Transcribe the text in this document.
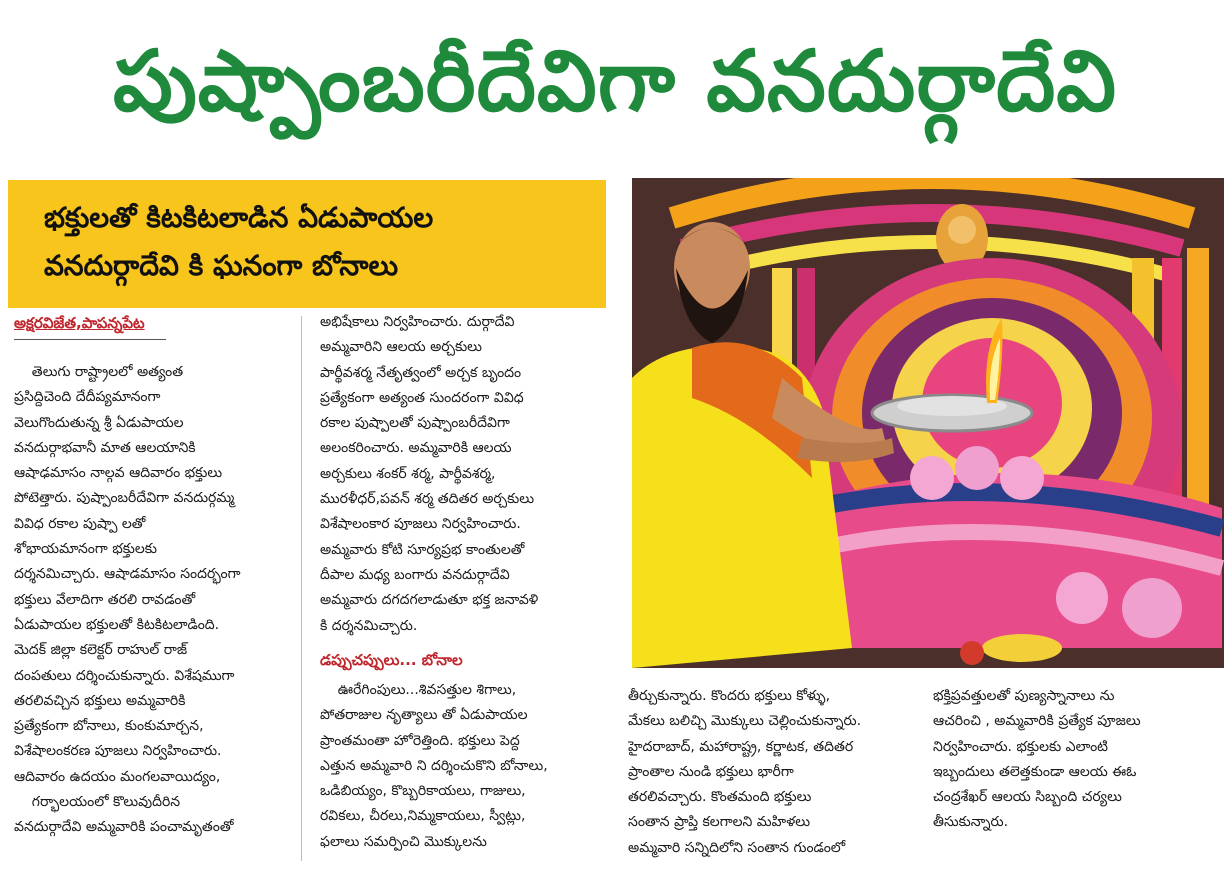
పుష్పాంబరీదేవిగా వనదుర్గాదేవి
భక్తులతో కిటకిటలాడిన ఏడుపాయల
వనదుర్గాదేవి కి ఘనంగా బోనాలు
అక్షరవిజేత,పాపన్నపేట
తెలుగు రాష్ట్రాలలో అత్యంత
ప్రసిద్దిచెంది దేదీప్యమానంగా
వెలుగొందుతున్న శ్రీ ఏడుపాయల
వనదుర్గాభవానీ మాత ఆలయానికి
ఆషాఢమాసం నాల్గవ ఆదివారం భక్తులు
పోటెత్తారు. పుష్పాంబరీదేవిగా వనదుర్గమ్మ
వివిధ రకాల పుష్పా లతో
శోభాయమానంగా భక్తులకు
దర్శనమిచ్చారు. ఆషాడమాసం సందర్భంగా
భక్తులు వేలాదిగా తరలి రావడంతో
ఏడుపాయల భక్తులతో కిటకిటలాడింది.
మెదక్ జిల్లా కలెక్టర్ రాహుల్ రాజ్
దంపతులు దర్శించుకున్నారు. విశేషముగా
తరలివచ్చిన భక్తులు అమ్మవారికి
ప్రత్యేకంగా బోనాలు, కుంకుమార్చన,
విశేషాలంకరణ పూజలు నిర్వహించారు.
ఆదివారం ఉదయం మంగలవాయిద్యం,
గర్భాలయంలో కొలువుదీరిన
వనదుర్గాదేవి అమ్మవారికి పంచామృతంతో
అభిషేకాలు నిర్వహించారు. దుర్గాదేవి
అమ్మవారిని ఆలయ అర్చకులు
పార్థీవశర్మ నేతృత్వంలో అర్చక బృందం
ప్రత్యేకంగా అత్యంత సుందరంగా వివిధ
రకాల పుష్పాలతో పుష్పాంబరీదేవిగా
అలంకరించారు. అమ్మవారికి ఆలయ
అర్చకులు శంకర్ శర్మ, పార్థీవశర్మ,
మురళీధర్,పవన్ శర్మ తదితర అర్చకులు
విశేషాలంకార పూజలు నిర్వహించారు.
అమ్మవారు కోటి సూర్యప్రభ కాంతులతో
దీపాల మధ్య బంగారు వనదుర్గాదేవి
అమ్మవారు దగదగలాడుతూ భక్త జనావళి
కి దర్శనమిచ్చారు.
డప్పుచప్పులు... బోనాల
ఊరేగింపులు...శివసత్తుల శిగాలు,
పోతరాజుల నృత్యాలు తో ఏడుపాయల
ప్రాంతమంతా హోరెత్తింది. భక్తులు పెద్ద
ఎత్తున అమ్మవారి ని దర్శించుకొని బోనాలు,
ఒడిబియ్యం, కొబ్బరికాయలు, గాజులు,
రవికలు, చీరలు,నిమ్మకాయలు, స్వీట్లు,
ఫలాలు సమర్పించి మొక్కులను
తీర్చుకున్నారు. కొందరు భక్తులు కోళ్ళు,
మేకలు బలిచ్చి మొక్కులు చెల్లించుకున్నారు.
హైదరాబాద్, మహారాష్ట్ర, కర్ణాటక, తదితర
ప్రాంతాల నుండి భక్తులు భారీగా
తరలివచ్చారు. కొంతమంది భక్తులు
సంతాన ప్రాప్తి కలగాలని మహిళలు
అమ్మవారి సన్నిదిలోని సంతాన గుండంలో
భక్తిప్రవత్తులతో పుణ్యస్నానాలు ను
ఆచరించి , అమ్మవారికి ప్రత్యేక పూజలు
నిర్వహించారు. భక్తులకు ఎలాంటి
ఇబ్బందులు తలెత్తకుండా ఆలయ ఈఓ
చంద్రశేఖర్ ఆలయ సిబ్బంది చర్యలు
తీసుకున్నారు.
